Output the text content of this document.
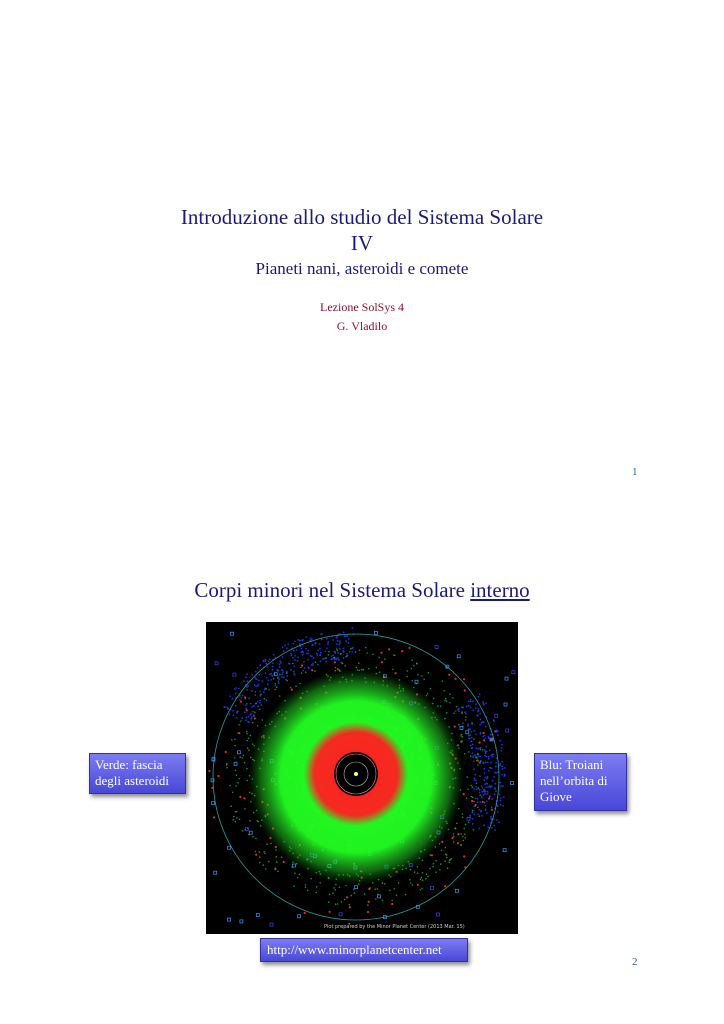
Introduzione allo studio del Sistema Solare
IV
Pianeti nani, asteroidi e comete
Lezione SolSys 4
G. Vladilo
1
Corpi minori nel Sistema Solare interno
Plot prepared by the Minor Planet Center (2013 Mar. 15)
Verde: fascia degli asteroidi
Blu: Troiani nell’orbita di Giove
http://www.minorplanetcenter.net
2
